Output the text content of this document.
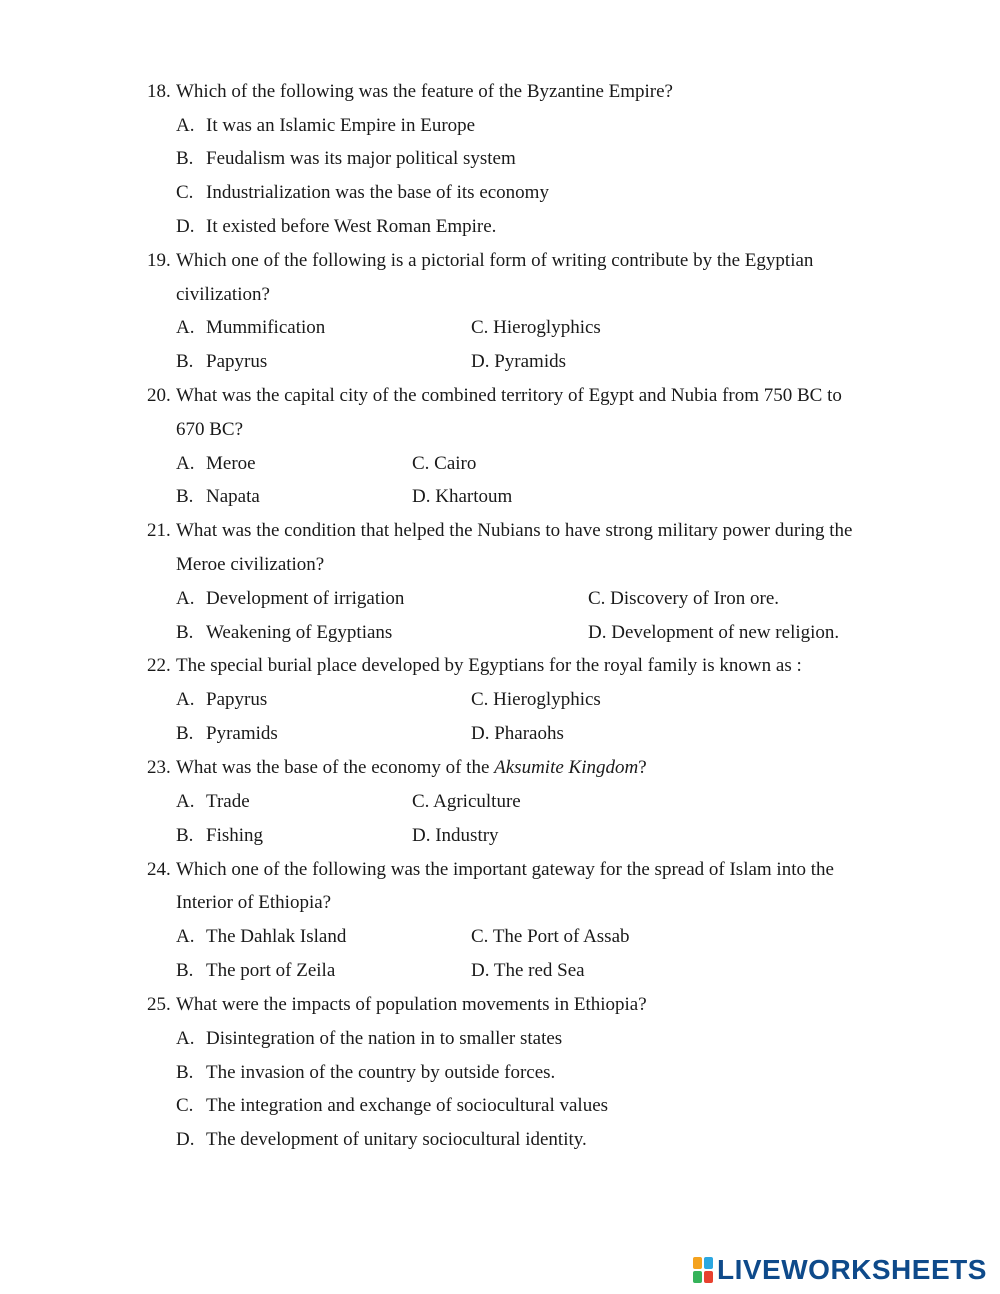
18. Which of the following was the feature of the Byzantine Empire?
A. It was an Islamic Empire in Europe
B. Feudalism was its major political system
C. Industrialization was the base of its economy
D. It existed before West Roman Empire.
19. Which one of the following is a pictorial form of writing contribute by the Egyptian
civilization?
A. Mummification	C. Hieroglyphics
B. Papyrus	D. Pyramids
20. What was the capital city of the combined territory of Egypt and Nubia from 750 BC to
670 BC?
A. Meroe	C. Cairo
B. Napata	D. Khartoum
21. What was the condition that helped the Nubians to have strong military power during the
Meroe civilization?
A. Development of irrigation	C. Discovery of Iron ore.
B. Weakening of Egyptians	D. Development of new religion.
22. The special burial place developed by Egyptians for the royal family is known as :
A. Papyrus	C. Hieroglyphics
B. Pyramids	D. Pharaohs
23. What was the base of the economy of the Aksumite Kingdom?
A. Trade	C. Agriculture
B. Fishing	D. Industry
24. Which one of the following was the important gateway for the spread of Islam into the
Interior of Ethiopia?
A. The Dahlak Island	C. The Port of Assab
B. The port of Zeila	D. The red Sea
25. What were the impacts of population movements in Ethiopia?
A. Disintegration of the nation in to smaller states
B. The invasion of the country by outside forces.
C. The integration and exchange of sociocultural values
D. The development of unitary sociocultural identity.
LIVEWORKSHEETS
